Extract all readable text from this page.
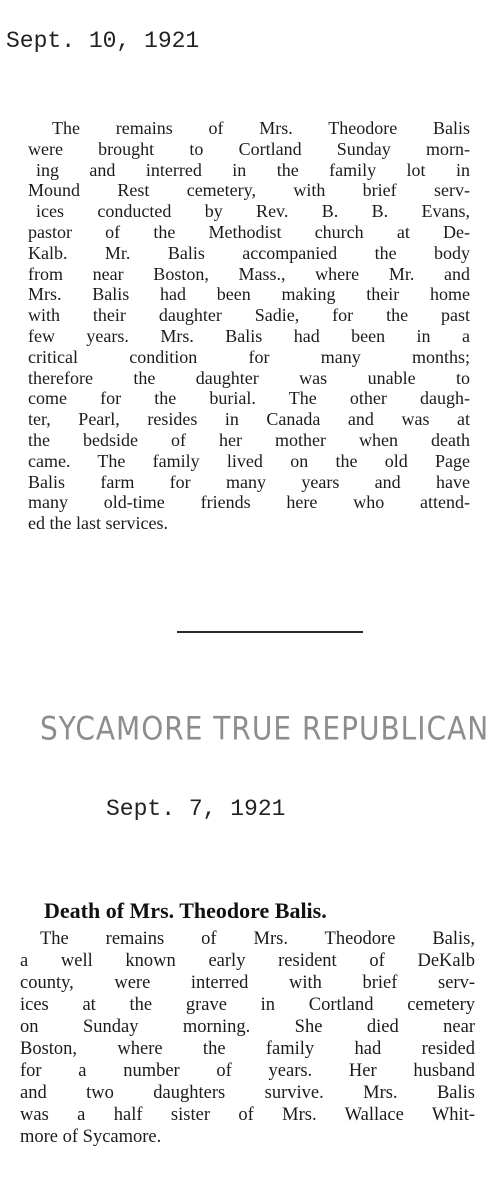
Sept. 10, 1921
The remains of Mrs. Theodore Balis
were brought to Cortland Sunday morn-
ing and interred in the family lot in
Mound Rest cemetery, with brief serv-
ices conducted by Rev. B. B. Evans,
pastor of the Methodist church at De-
Kalb. Mr. Balis accompanied the body
from near Boston, Mass., where Mr. and
Mrs. Balis had been making their home
with their daughter Sadie, for the past
few years. Mrs. Balis had been in a
critical condition for many months;
therefore the daughter was unable to
come for the burial. The other daugh-
ter, Pearl, resides in Canada and was at
the bedside of her mother when death
came. The family lived on the old Page
Balis farm for many years and have
many old-time friends here who attend-
ed the last services.
SYCAMORE TRUE REPUBLICAN
Sept. 7, 1921
Death of Mrs. Theodore Balis.
The remains of Mrs. Theodore Balis,
a well known early resident of DeKalb
county, were interred with brief serv-
ices at the grave in Cortland cemetery
on Sunday morning. She died near
Boston, where the family had resided
for a number of years. Her husband
and two daughters survive. Mrs. Balis
was a half sister of Mrs. Wallace Whit-
more of Sycamore.
